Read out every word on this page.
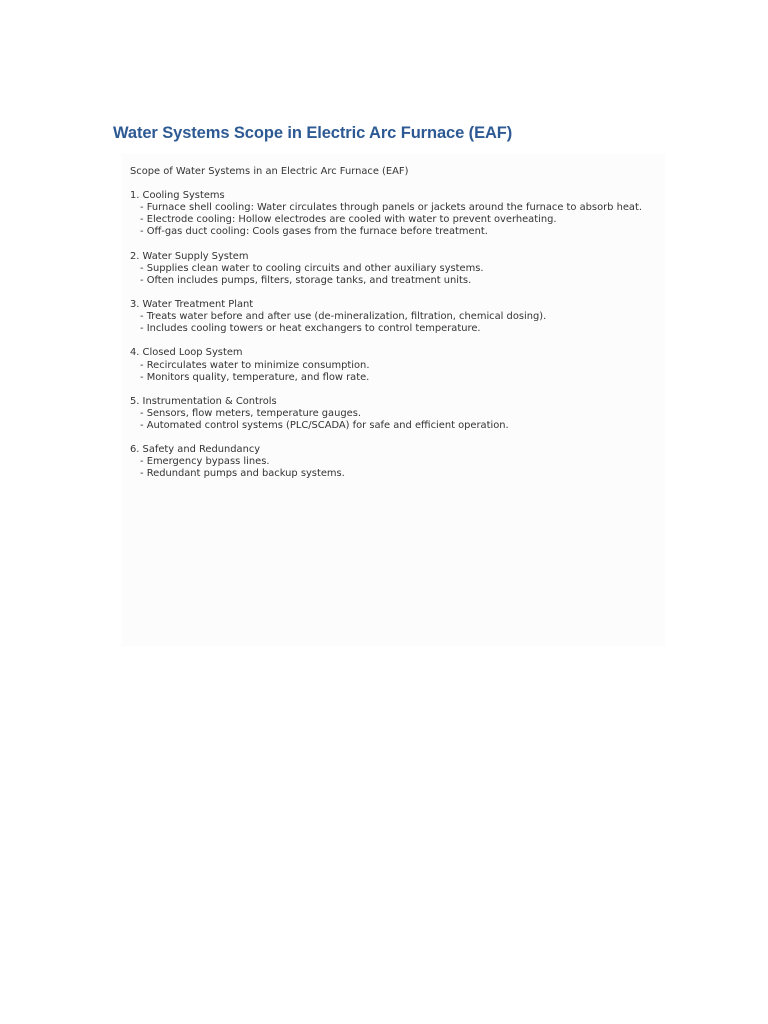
Water Systems Scope in Electric Arc Furnace (EAF)

Scope of Water Systems in an Electric Arc Furnace (EAF)

1. Cooling Systems

- Furnace shell cooling: Water circulates through panels or jackets around the furnace to absorb heat.

- Electrode cooling: Hollow electrodes are cooled with water to prevent overheating.

- Off-gas duct cooling: Cools gases from the furnace before treatment.

2. Water Supply System

- Supplies clean water to cooling circuits and other auxiliary systems.

- Often includes pumps, filters, storage tanks, and treatment units.

3. Water Treatment Plant

- Treats water before and after use (de-mineralization, filtration, chemical dosing).

- Includes cooling towers or heat exchangers to control temperature.

4. Closed Loop System

- Recirculates water to minimize consumption.

- Monitors quality, temperature, and flow rate.

5. Instrumentation & Controls

- Sensors, flow meters, temperature gauges.

- Automated control systems (PLC/SCADA) for safe and efficient operation.

6. Safety and Redundancy

- Emergency bypass lines.

- Redundant pumps and backup systems.
